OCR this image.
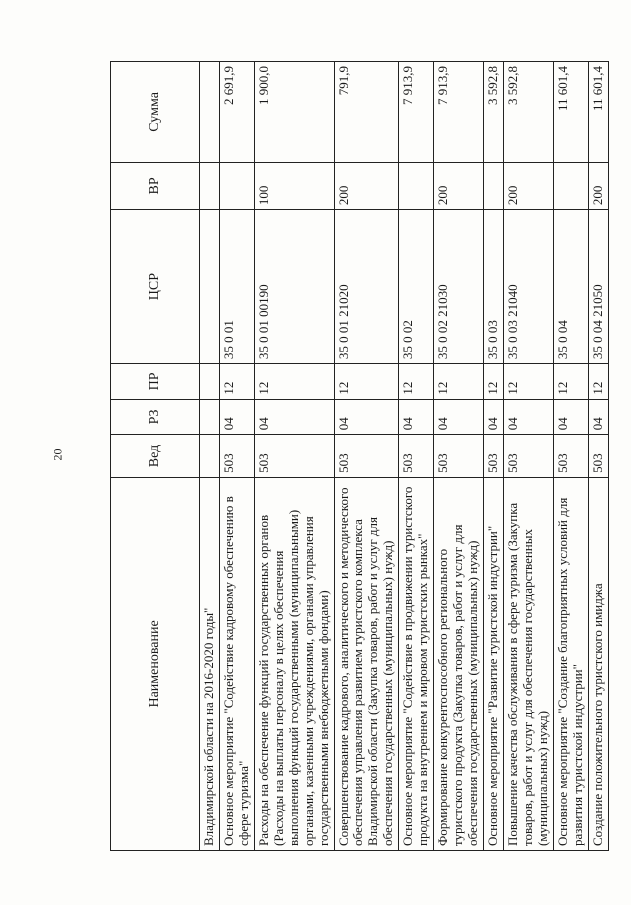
20
Наименование	Вед	РЗ	ПР	ЦСР	ВР	Сумма
Владимирской области на 2016-2020 годы"						
Основное мероприятие "Содействие кадровому обеспечению в сфере туризма"	503	04	12	35 0 01		2 691,9
Расходы на обеспечение функций государственных органов (Расходы на выплаты персоналу в целях обеспечения выполнения функций государственными (муниципальными) органами, казенными учреждениями, органами управления государственными внебюджетными фондами)	503	04	12	35 0 01 00190	100	1 900,0
Совершенствование кадрового, аналитического и методического обеспечения управления развитием туристского комплекса Владимирской области (Закупка товаров, работ и услуг для обеспечения государственных (муниципальных) нужд)	503	04	12	35 0 01 21020	200	791,9
Основное мероприятие "Содействие в продвижении туристского продукта на внутреннем и мировом туристских рынках"	503	04	12	35 0 02		7 913,9
Формирование конкурентоспособного регионального туристского продукта (Закупка товаров, работ и услуг для обеспечения государственных (муниципальных) нужд)	503	04	12	35 0 02 21030	200	7 913,9
Основное мероприятие "Развитие туристской индустрии"	503	04	12	35 0 03		3 592,8
Повышение качества обслуживания в сфере туризма (Закупка товаров, работ и услуг для обеспечения государственных (муниципальных) нужд)	503	04	12	35 0 03 21040	200	3 592,8
Основное мероприятие "Создание благоприятных условий для развития туристской индустрии"	503	04	12	35 0 04		11 601,4
Создание положительного туристского имиджа	503	04	12	35 0 04 21050	200	11 601,4
